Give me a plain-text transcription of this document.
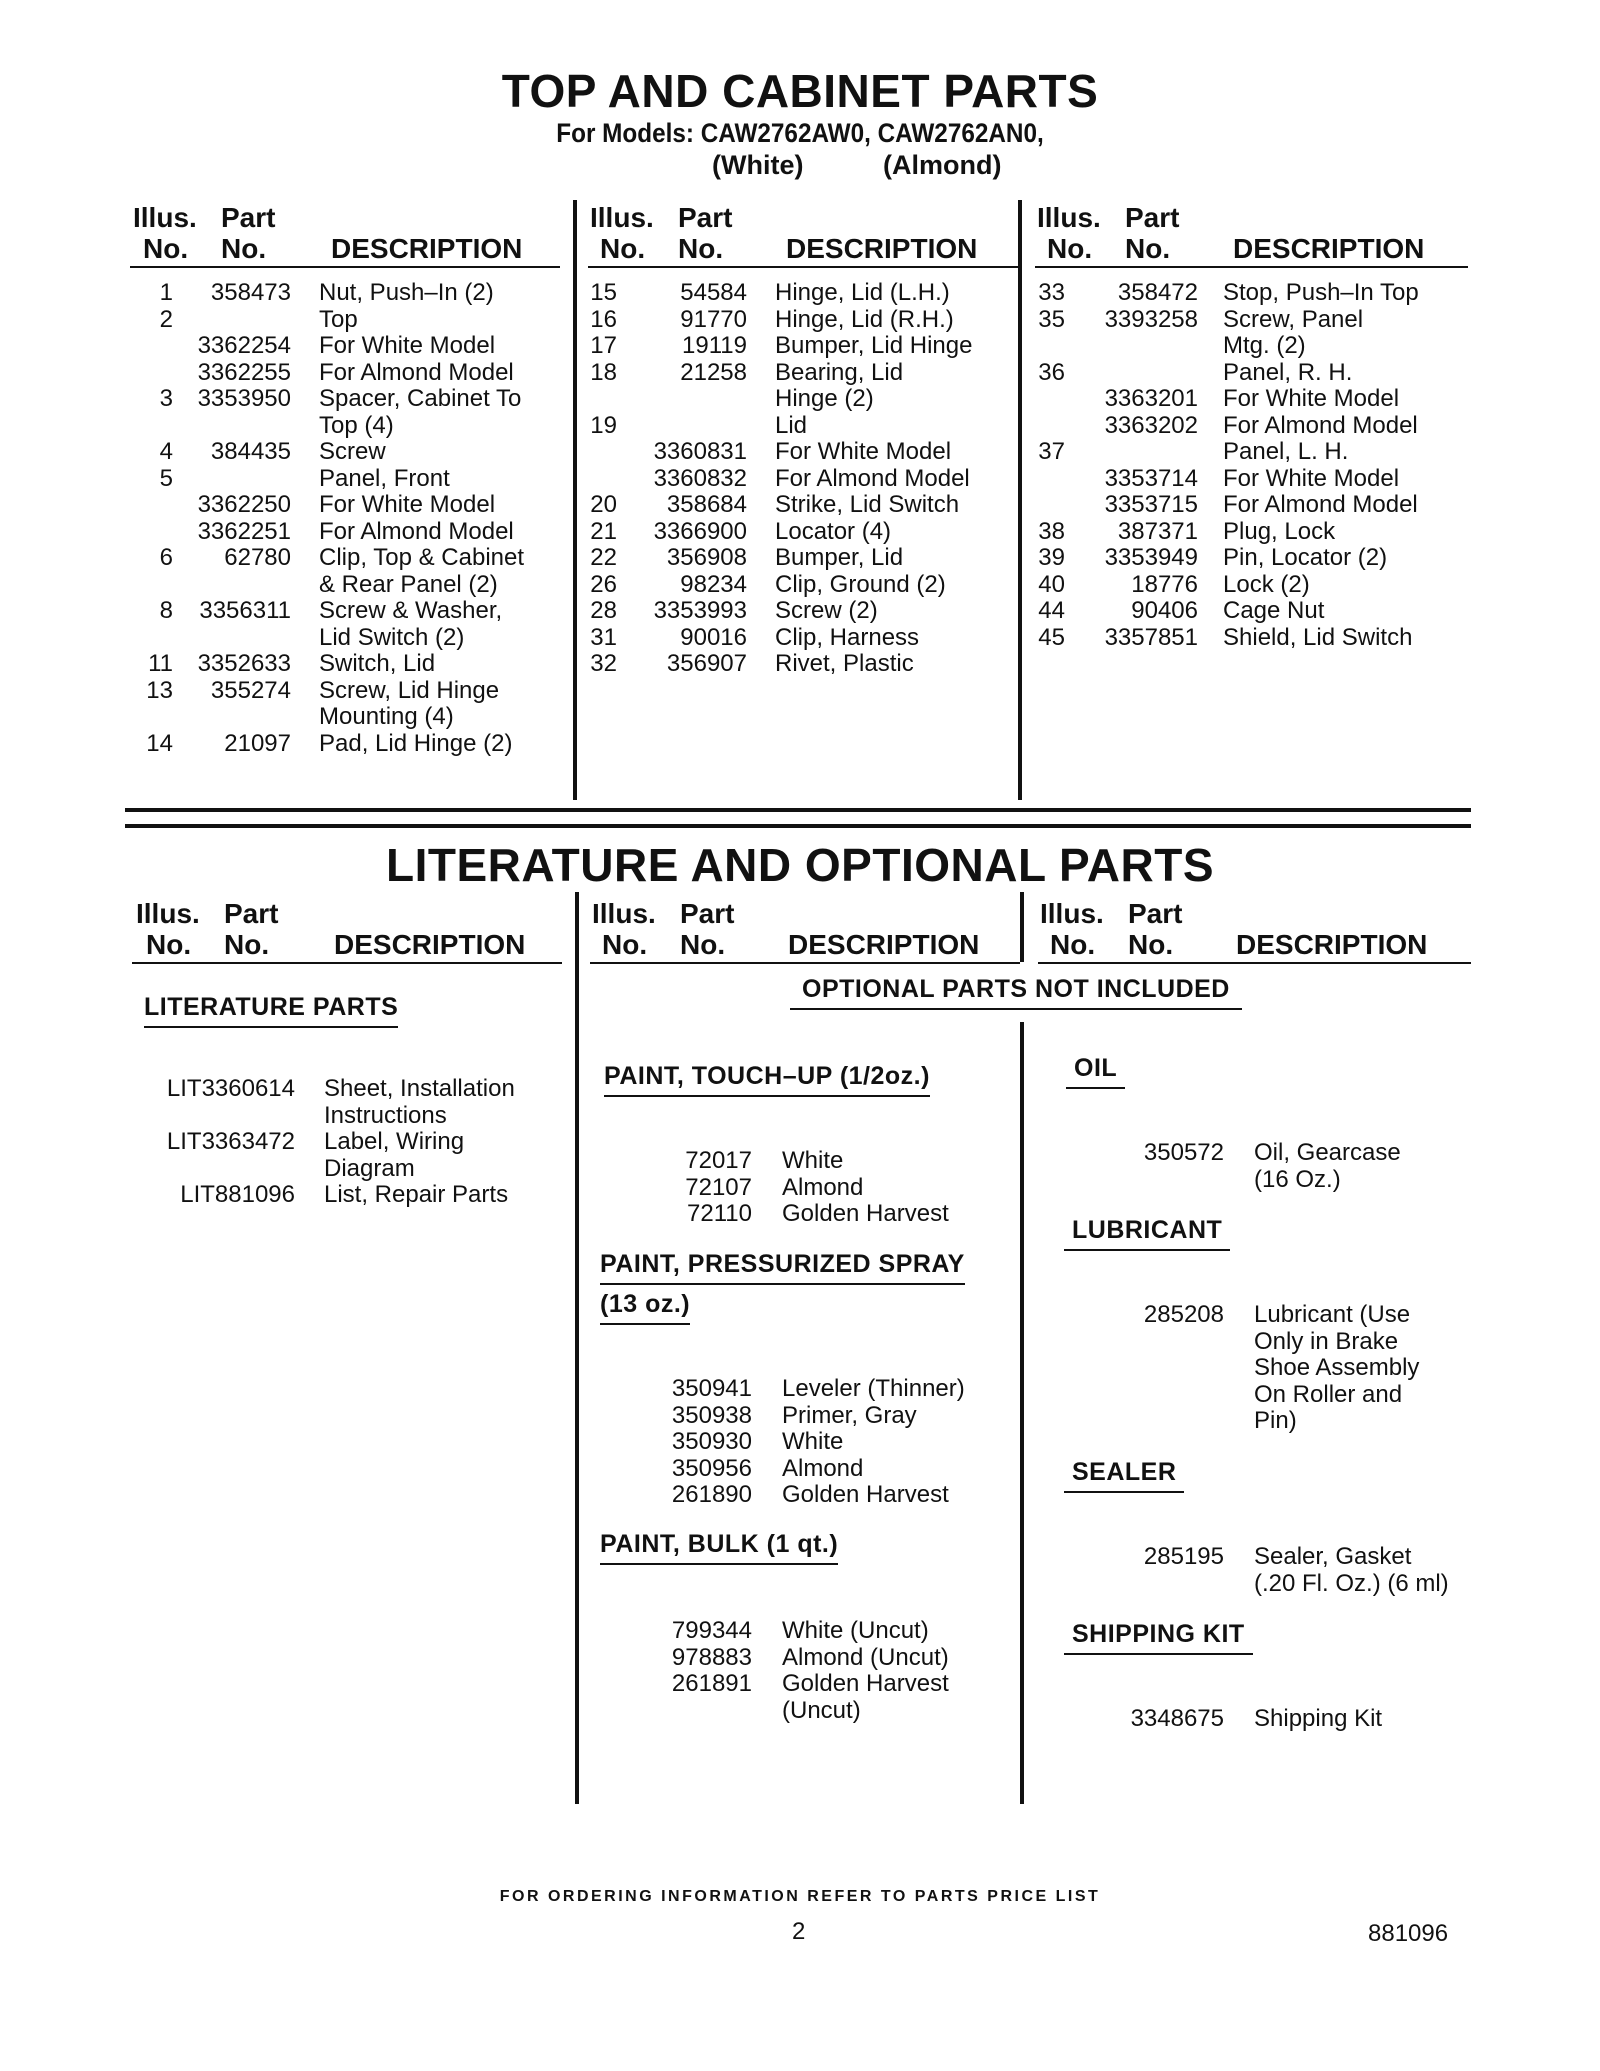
TOP AND CABINET PARTS
For Models: CAW2762AW0, CAW2762AN0,
(White)	(Almond)
Illus.
No.
Part
No. DESCRIPTION
Illus.
No.
Part
No. DESCRIPTION
Illus.
No.
Part
No. DESCRIPTION
1	358473 Nut, Push–In (2)
2	Top
3362254 For White Model
3362255 For Almond Model
3	3353950 Spacer, Cabinet To
Top (4)
4	384435 Screw
5	Panel, Front
3362250 For White Model
3362251 For Almond Model
6	62780 Clip, Top & Cabinet
& Rear Panel (2)
8	3356311 Screw & Washer,
Lid Switch (2)
11	3352633 Switch, Lid
13	355274 Screw, Lid Hinge
Mounting (4)
14	21097 Pad, Lid Hinge (2)
15	54584 Hinge, Lid (L.H.)
16	91770 Hinge, Lid (R.H.)
17	19119 Bumper, Lid Hinge
18	21258 Bearing, Lid
Hinge (2)
19	Lid
3360831 For White Model
3360832 For Almond Model
20	358684 Strike, Lid Switch
21	3366900 Locator (4)
22	356908 Bumper, Lid
26	98234 Clip, Ground (2)
28	3353993 Screw (2)
31	90016 Clip, Harness
32	356907 Rivet, Plastic
33	358472 Stop, Push–In Top
35	3393258 Screw, Panel
Mtg. (2)
36	Panel, R. H.
3363201 For White Model
3363202 For Almond Model
37	Panel, L. H.
3353714 For White Model
3353715 For Almond Model
38	387371 Plug, Lock
39	3353949 Pin, Locator (2)
40	18776 Lock (2)
44	90406 Cage Nut
45	3357851 Shield, Lid Switch
LITERATURE AND OPTIONAL PARTS
Illus.
No.
Part
No. DESCRIPTION
Illus.
No.
Part
No. DESCRIPTION
Illus.
No.
Part
No. DESCRIPTION
LITERATURE PARTS
LIT3360614 Sheet, Installation
Instructions
LIT3363472 Label, Wiring
Diagram
LIT881096 List, Repair Parts
OPTIONAL PARTS NOT INCLUDED
PAINT, TOUCH–UP (1/2oz.)
72017 White
72107 Almond
72110 Golden Harvest
PAINT, PRESSURIZED SPRAY
(13 oz.)
350941 Leveler (Thinner)
350938 Primer, Gray
350930 White
350956 Almond
261890 Golden Harvest
PAINT, BULK (1 qt.)
799344 White (Uncut)
978883 Almond (Uncut)
261891 Golden Harvest
(Uncut)
OIL
350572 Oil, Gearcase
(16 Oz.)
LUBRICANT
285208 Lubricant (Use
Only in Brake
Shoe Assembly
On Roller and
Pin)
SEALER
285195 Sealer, Gasket
(.20 Fl. Oz.) (6 ml)
SHIPPING KIT
3348675 Shipping Kit
FOR ORDERING INFORMATION REFER TO PARTS PRICE LIST
2	881096
